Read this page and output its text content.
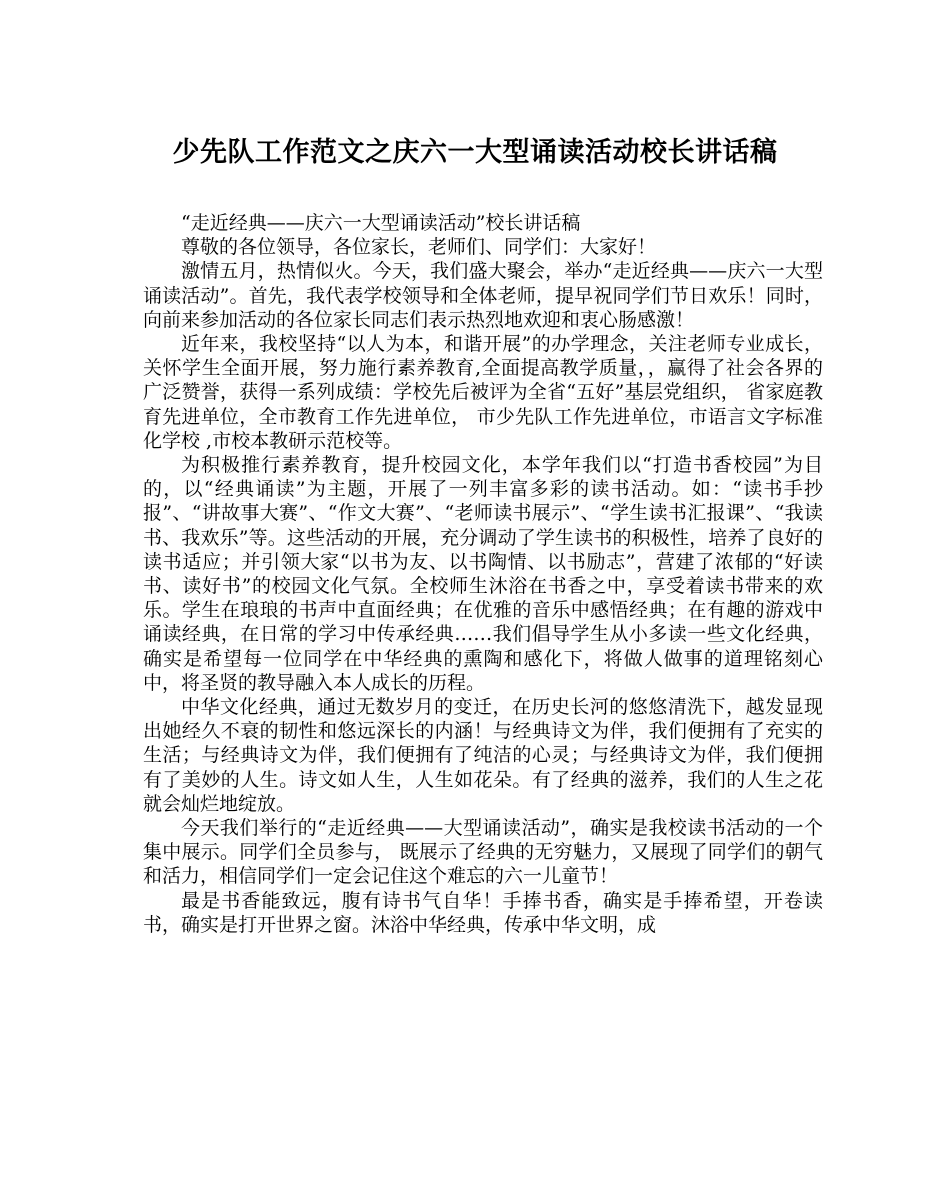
少先队工作范文之庆六一大型诵读活动校长讲话稿

“走近经典——庆六一大型诵读活动”校长讲话稿

尊敬的各位领导，各位家长，老师们、同学们：大家好！

激情五月，热情似火。今天，我们盛大聚会，举办“走近经典——庆六一大型诵读活动”。首先，我代表学校领导和全体老师，提早祝同学们节日欢乐！同时，向前来参加活动的各位家长同志们表示热烈地欢迎和衷心肠感激！

近年来，我校坚持“以人为本，和谐开展”的办学理念，关注老师专业成长，关怀学生全面开展，努力施行素养教育,全面提高教学质量，，赢得了社会各界的广泛赞誉，获得一系列成绩：学校先后被评为全省“五好”基层党组织， 省家庭教育先进单位，全市教育工作先进单位， 市少先队工作先进单位，市语言文字标准化学校 ,市校本教研示范校等。

为积极推行素养教育，提升校园文化，本学年我们以“打造书香校园”为目的，以“经典诵读”为主题，开展了一列丰富多彩的读书活动。如：“读书手抄报”、“讲故事大赛”、“作文大赛”、“老师读书展示”、“学生读书汇报课”、“我读书、我欢乐”等。这些活动的开展，充分调动了学生读书的积极性，培养了良好的读书适应；并引领大家“以书为友、以书陶情、以书励志”，营建了浓郁的“好读书、读好书”的校园文化气氛。全校师生沐浴在书香之中，享受着读书带来的欢乐。学生在琅琅的书声中直面经典；在优雅的音乐中感悟经典；在有趣的游戏中诵读经典，在日常的学习中传承经典……我们倡导学生从小多读一些文化经典，确实是希望每一位同学在中华经典的熏陶和感化下，将做人做事的道理铭刻心中，将圣贤的教导融入本人成长的历程。

中华文化经典，通过无数岁月的变迁，在历史长河的悠悠清洗下，越发显现出她经久不衰的韧性和悠远深长的内涵！与经典诗文为伴，我们便拥有了充实的生活；与经典诗文为伴，我们便拥有了纯洁的心灵；与经典诗文为伴，我们便拥有了美妙的人生。诗文如人生，人生如花朵。有了经典的滋养，我们的人生之花就会灿烂地绽放。

今天我们举行的“走近经典——大型诵读活动”，确实是我校读书活动的一个集中展示。同学们全员参与， 既展示了经典的无穷魅力，又展现了同学们的朝气和活力，相信同学们一定会记住这个难忘的六一儿童节！

最是书香能致远，腹有诗书气自华！手捧书香，确实是手捧希望，开卷读书，确实是打开世界之窗。沐浴中华经典，传承中华文明，成
